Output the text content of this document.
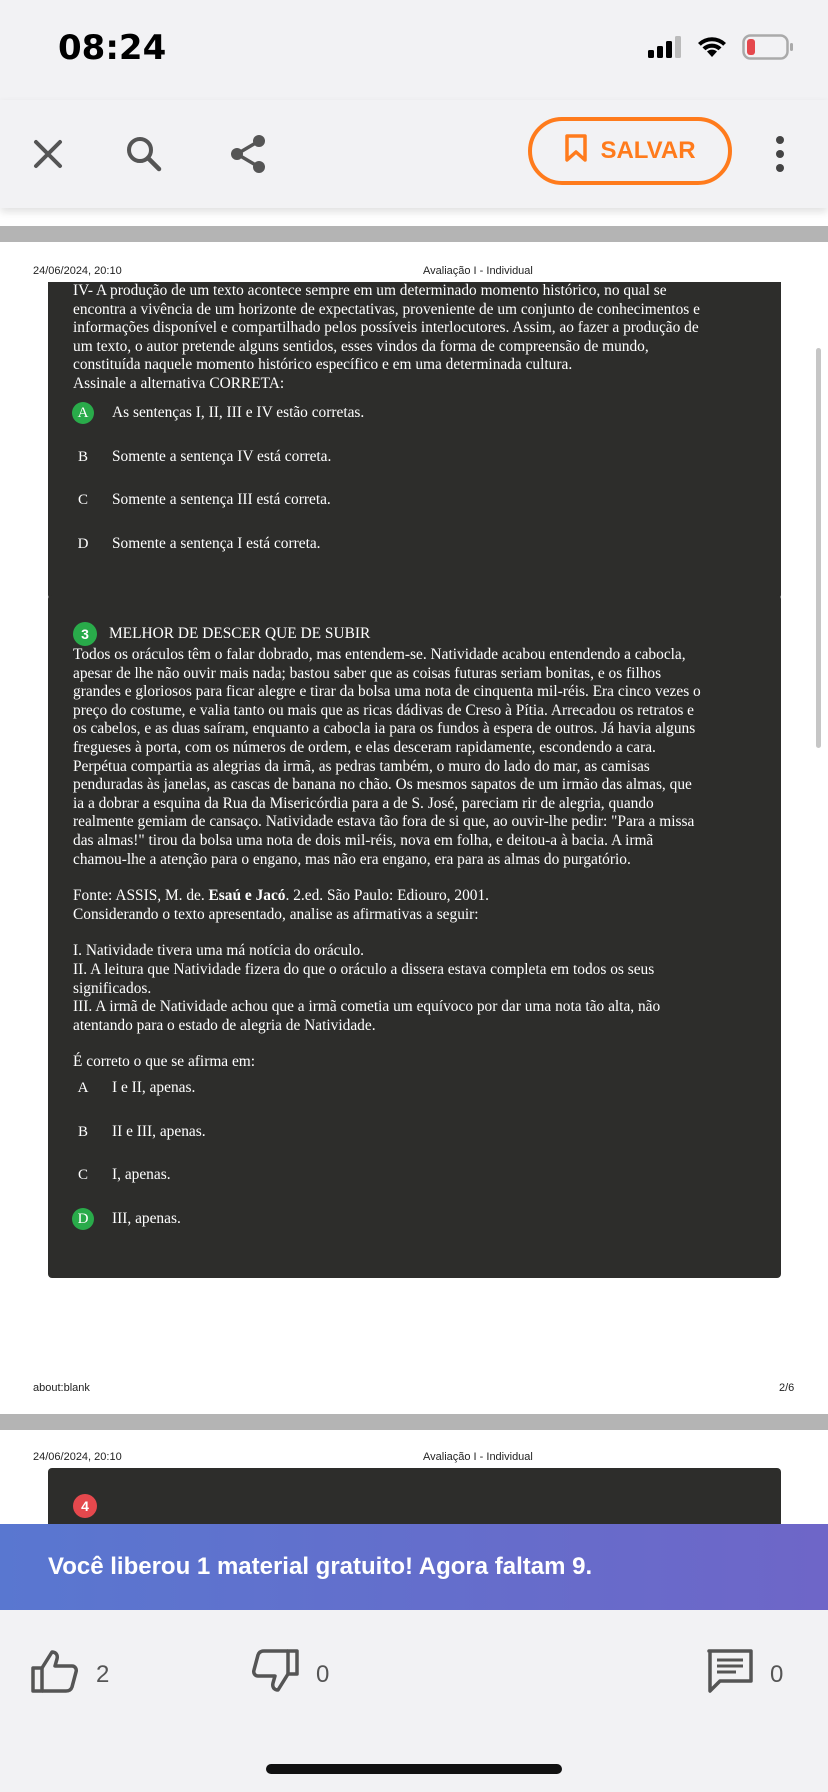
08:24
SALVAR
24/06/2024, 20:10	Avaliação I - Individual

IV- A produção de um texto acontece sempre em um determinado momento histórico, no qual se

encontra a vivência de um horizonte de expectativas, proveniente de um conjunto de conhecimentos e

informações disponível e compartilhado pelos possíveis interlocutores. Assim, ao fazer a produção de

um texto, o autor pretende alguns sentidos, esses vindos da forma de compreensão de mundo,

constituída naquele momento histórico específico e em uma determinada cultura.

Assinale a alternativa CORRETA:

A	As sentenças I, II, III e IV estão corretas.
B	Somente a sentença IV está correta.
C	Somente a sentença III está correta.
D	Somente a sentença I está correta.
3	MELHOR DE DESCER QUE DE SUBIR

Todos os oráculos têm o falar dobrado, mas entendem-se. Natividade acabou entendendo a cabocla,

apesar de lhe não ouvir mais nada; bastou saber que as coisas futuras seriam bonitas, e os filhos

grandes e gloriosos para ficar alegre e tirar da bolsa uma nota de cinquenta mil-réis. Era cinco vezes o

preço do costume, e valia tanto ou mais que as ricas dádivas de Creso à Pítia. Arrecadou os retratos e

os cabelos, e as duas saíram, enquanto a cabocla ia para os fundos à espera de outros. Já havia alguns

fregueses à porta, com os números de ordem, e elas desceram rapidamente, escondendo a cara.

Perpétua compartia as alegrias da irmã, as pedras também, o muro do lado do mar, as camisas

penduradas às janelas, as cascas de banana no chão. Os mesmos sapatos de um irmão das almas, que

ia a dobrar a esquina da Rua da Misericórdia para a de S. José, pareciam rir de alegria, quando

realmente gemiam de cansaço. Natividade estava tão fora de si que, ao ouvir-lhe pedir: "Para a missa

das almas!" tirou da bolsa uma nota de dois mil-réis, nova em folha, e deitou-a à bacia. A irmã

chamou-lhe a atenção para o engano, mas não era engano, era para as almas do purgatório.

Fonte: ASSIS, M. de. Esaú e Jacó. 2.ed. São Paulo: Ediouro, 2001.

Considerando o texto apresentado, analise as afirmativas a seguir:

I. Natividade tivera uma má notícia do oráculo.

II. A leitura que Natividade fizera do que o oráculo a dissera estava completa em todos os seus

significados.

III. A irmã de Natividade achou que a irmã cometia um equívoco por dar uma nota tão alta, não

atentando para o estado de alegria de Natividade.

É correto o que se afirma em:

A	I e II, apenas.
B	II e III, apenas.
C	I, apenas.
D	III, apenas.
about:blank	2/6
24/06/2024, 20:10	Avaliação I - Individual
4
Você liberou 1 material gratuito! Agora faltam 9.
2	0	0
